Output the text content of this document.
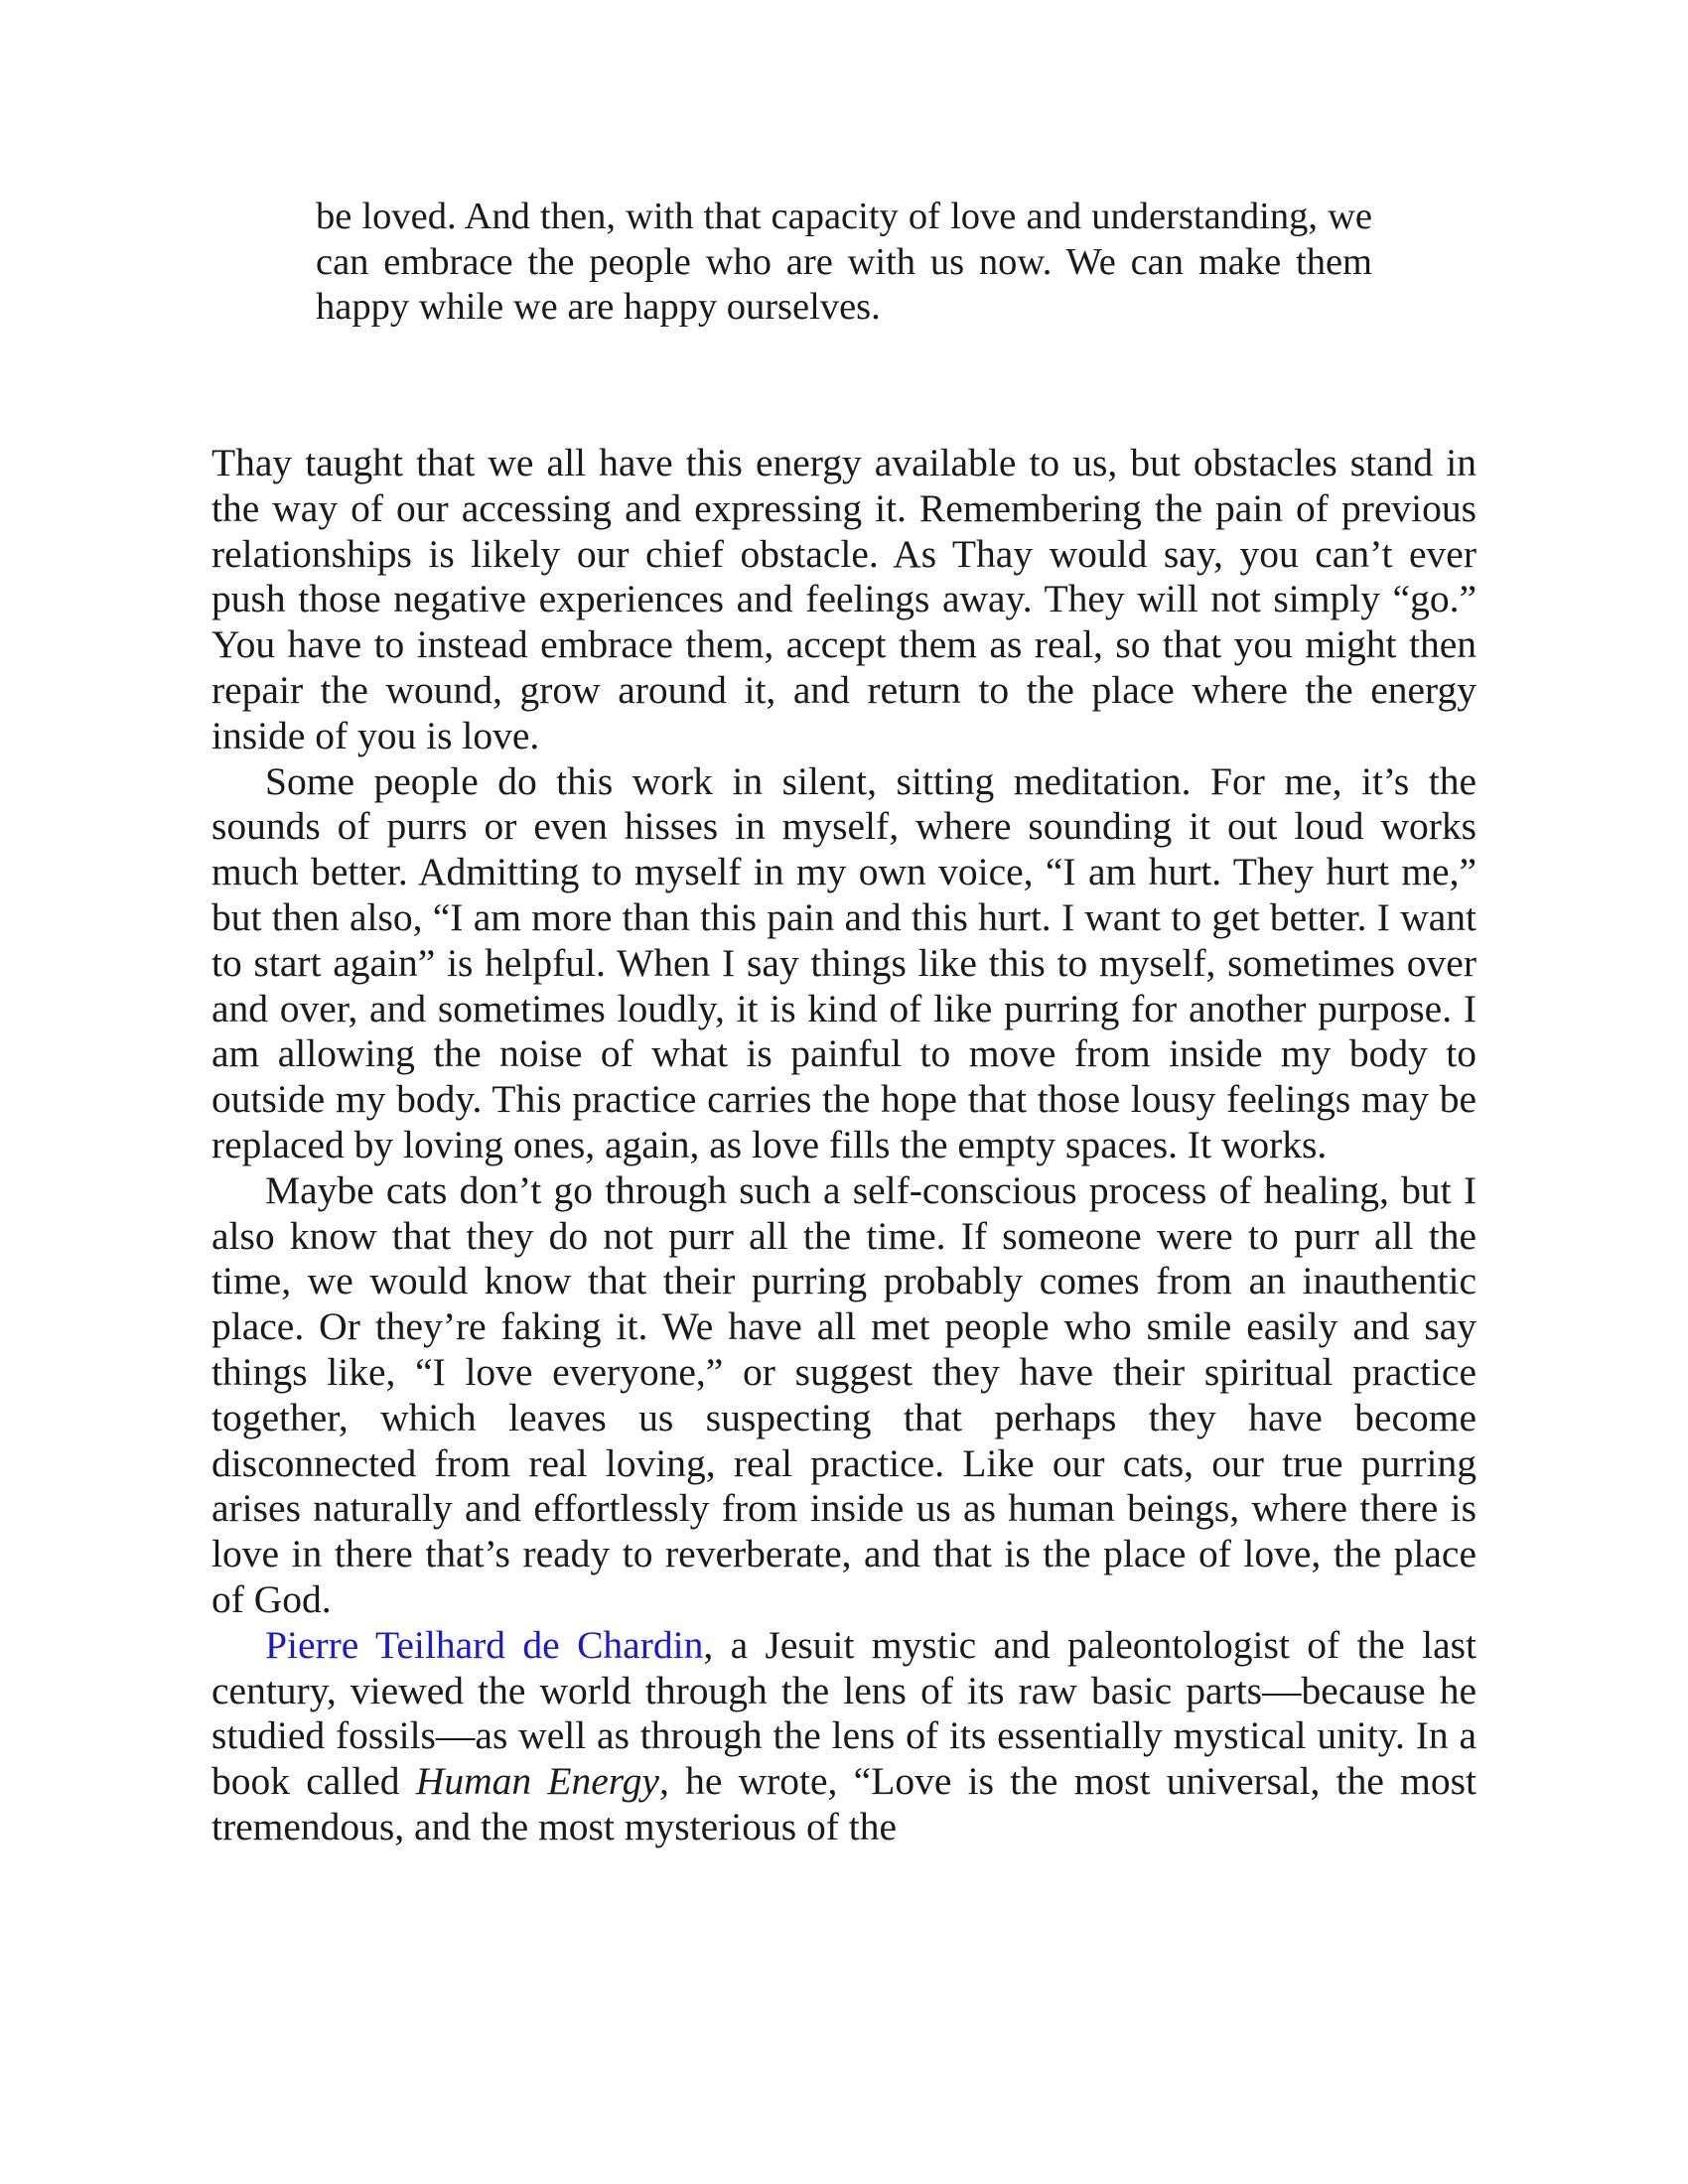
be loved. And then, with that capacity of love and understanding, we can embrace the people who are with us now. We can make them happy while we are happy ourselves.

Thay taught that we all have this energy available to us, but obstacles stand in the way of our accessing and expressing it. Remembering the pain of previous relationships is likely our chief obstacle. As Thay would say, you can’t ever push those negative experiences and feelings away. They will not simply “go.” You have to instead embrace them, accept them as real, so that you might then repair the wound, grow around it, and return to the place where the energy inside of you is love.

Some people do this work in silent, sitting meditation. For me, it’s the sounds of purrs or even hisses in myself, where sounding it out loud works much better. Admitting to myself in my own voice, “I am hurt. They hurt me,” but then also, “I am more than this pain and this hurt. I want to get better. I want to start again” is helpful. When I say things like this to myself, sometimes over and over, and sometimes loudly, it is kind of like purring for another purpose. I am allowing the noise of what is painful to move from inside my body to outside my body. This practice carries the hope that those lousy feelings may be replaced by loving ones, again, as love fills the empty spaces. It works.

Maybe cats don’t go through such a self-conscious process of healing, but I also know that they do not purr all the time. If someone were to purr all the time, we would know that their purring probably comes from an inauthentic place. Or they’re faking it. We have all met people who smile easily and say things like, “I love everyone,” or suggest they have their spiritual practice together, which leaves us suspecting that perhaps they have become disconnected from real loving, real practice. Like our cats, our true purring arises naturally and effortlessly from inside us as human beings, where there is love in there that’s ready to reverberate, and that is the place of love, the place of God.

Pierre Teilhard de Chardin, a Jesuit mystic and paleontologist of the last century, viewed the world through the lens of its raw basic parts—because he studied fossils—as well as through the lens of its essentially mystical unity. In a book called Human Energy, he wrote, “Love is the most universal, the most tremendous, and the most mysterious of the
